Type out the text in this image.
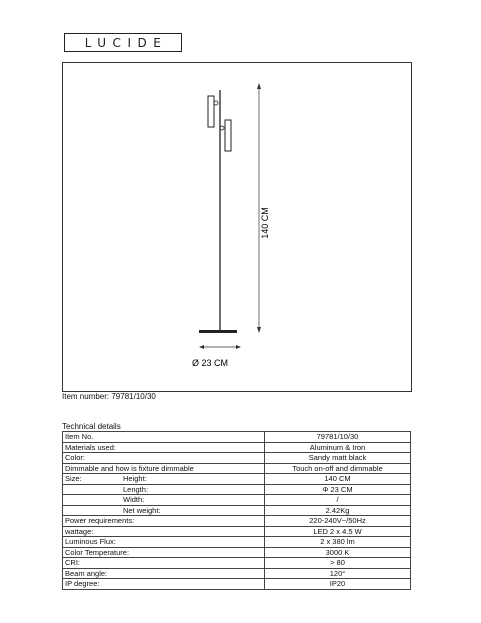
LUCIDE
140 CM
Ø 23 CM
Item number: 79781/10/30
Technical details
Item No.	79781/10/30
Materials used:	Aluminum & Iron
Color:	Sandy matt black
Dimmable and how is fixture dimmable	Touch on-off and dimmable
Size: Height:	140 CM
Length:	Φ 23 CM
Width:	/
Net weight:	2.42Kg
Power requirements:	220-240V~/50Hz
wattage:	LED 2 x 4.5 W
Luminous Flux:	2 x 380 lm
Color Temperature:	3000 K
CRI:	> 80
Beam angle:	120°
IP degree:	IP20
